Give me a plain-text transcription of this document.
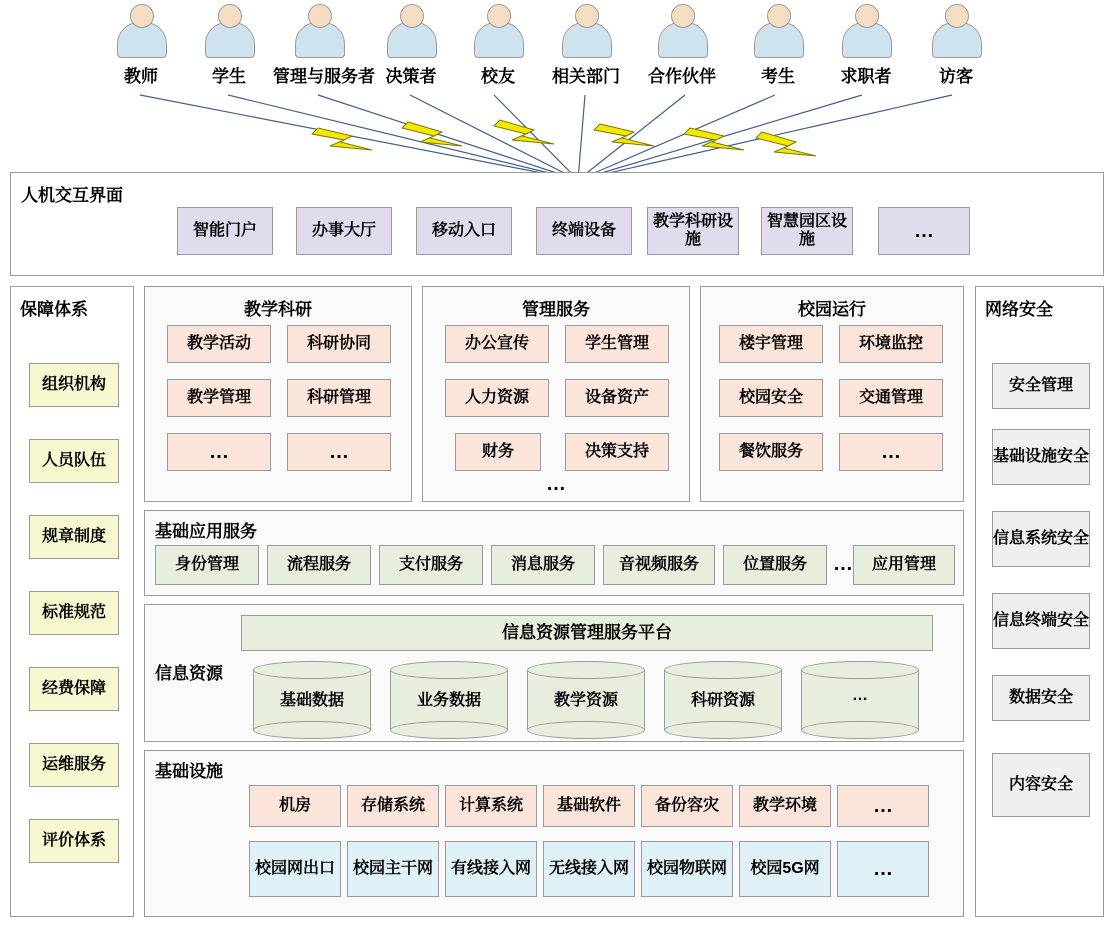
教师	学生	管理与服务者 决策者	校友	相关部门	合作伙伴	考生	求职者	访客
人机交互界面
智能门户	办事大厅	移动入口	终端设备
教学科研设施
智慧园区设施	…
保障体系
组织机构
人员队伍
规章制度
标准规范
经费保障
运维服务
评价体系
网络安全
安全管理
基础设施安全
信息系统安全
信息终端安全
数据安全
内容安全
教学科研
教学活动	科研协同
教学管理	科研管理
…	…
管理服务
办公宣传	学生管理
人力资源	设备资产
财务	决策支持
…
校园运行
楼宇管理	环境监控
校园安全	交通管理
餐饮服务	…
基础应用服务
身份管理	流程服务	支付服务	消息服务	音视频服务	位置服务	…	应用管理
信息资源
信息资源管理服务平台
基础数据	业务数据	教学资源	科研资源	…
基础设施
机房	存储系统	计算系统	基础软件	备份容灾	教学环境	…
校园网出口	校园主干网	有线接入网	无线接入网	校园物联网	校园5G网	…
